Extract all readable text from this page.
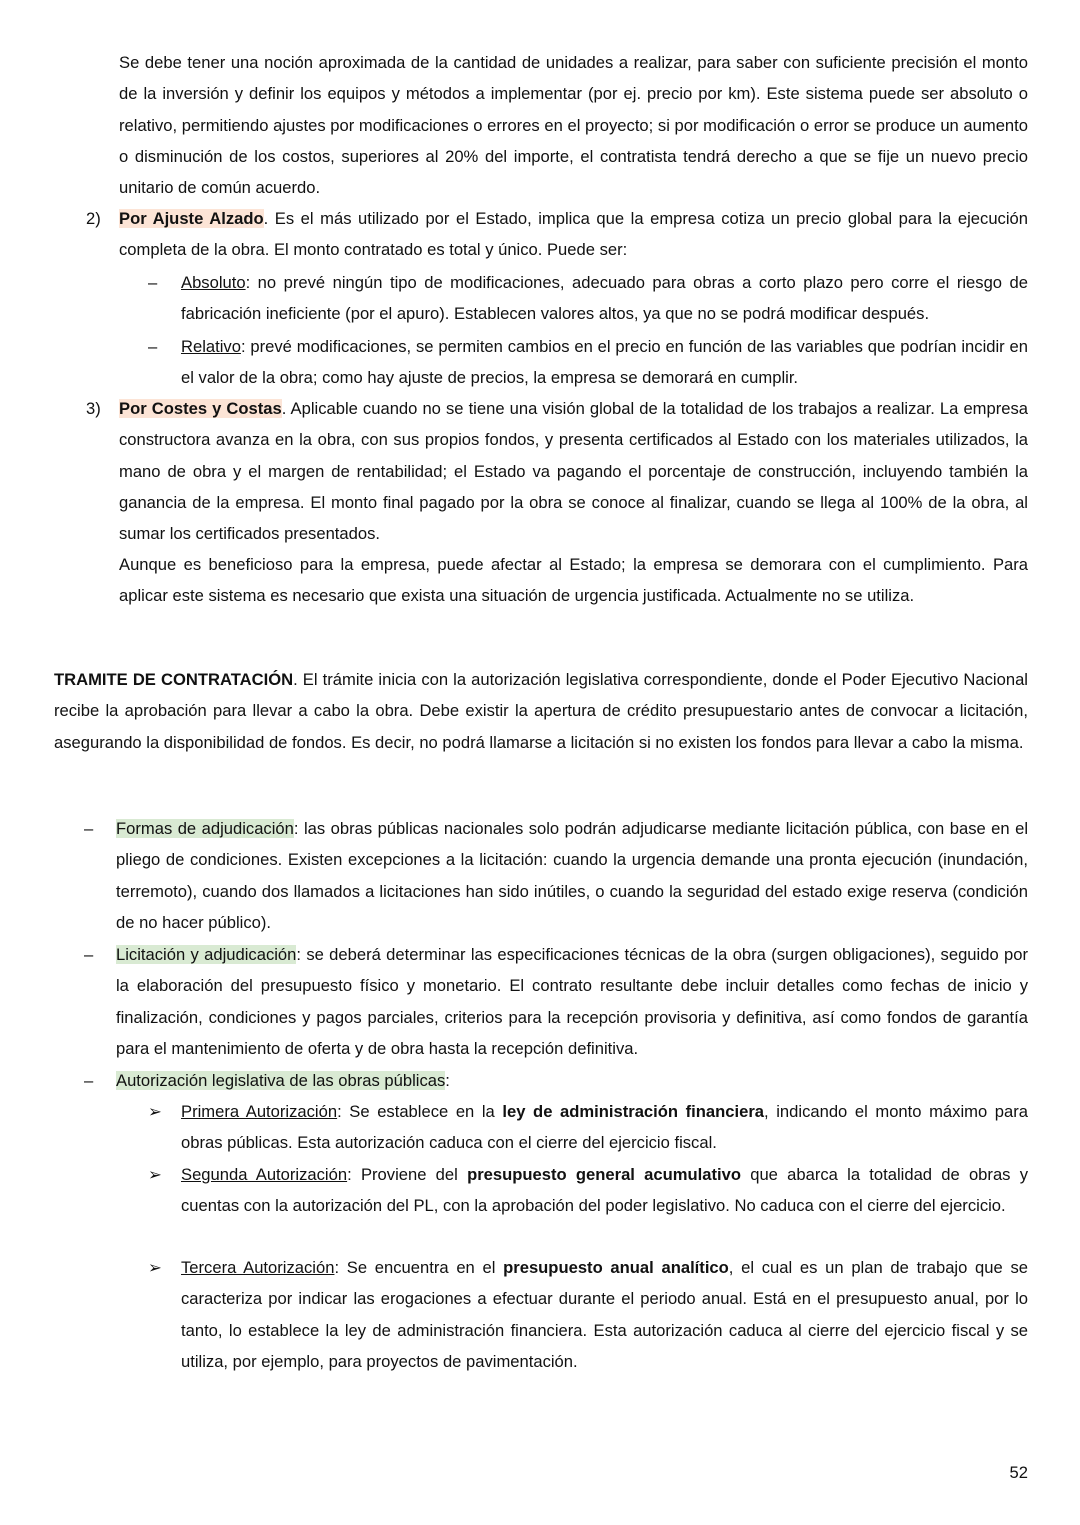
Se debe tener una noción aproximada de la cantidad de unidades a realizar, para saber con suficiente precisión el monto de la inversión y definir los equipos y métodos a implementar (por ej. precio por km). Este sistema puede ser absoluto o relativo, permitiendo ajustes por modificaciones o errores en el proyecto; si por modificación o error se produce un aumento o disminución de los costos, superiores al 20% del importe, el contratista tendrá derecho a que se fije un nuevo precio unitario de común acuerdo.
2) Por Ajuste Alzado. Es el más utilizado por el Estado, implica que la empresa cotiza un precio global para la ejecución completa de la obra. El monto contratado es total y único. Puede ser:
– Absoluto: no prevé ningún tipo de modificaciones, adecuado para obras a corto plazo pero corre el riesgo de fabricación ineficiente (por el apuro). Establecen valores altos, ya que no se podrá modificar después.
– Relativo: prevé modificaciones, se permiten cambios en el precio en función de las variables que podrían incidir en el valor de la obra; como hay ajuste de precios, la empresa se demorará en cumplir.
3) Por Costes y Costas. Aplicable cuando no se tiene una visión global de la totalidad de los trabajos a realizar. La empresa constructora avanza en la obra, con sus propios fondos, y presenta certificados al Estado con los materiales utilizados, la mano de obra y el margen de rentabilidad; el Estado va pagando el porcentaje de construcción, incluyendo también la ganancia de la empresa. El monto final pagado por la obra se conoce al finalizar, cuando se llega al 100% de la obra, al sumar los certificados presentados.
Aunque es beneficioso para la empresa, puede afectar al Estado; la empresa se demorara con el cumplimiento. Para aplicar este sistema es necesario que exista una situación de urgencia justificada. Actualmente no se utiliza.
TRAMITE DE CONTRATACIÓN. El trámite inicia con la autorización legislativa correspondiente, donde el Poder Ejecutivo Nacional recibe la aprobación para llevar a cabo la obra. Debe existir la apertura de crédito presupuestario antes de convocar a licitación, asegurando la disponibilidad de fondos. Es decir, no podrá llamarse a licitación si no existen los fondos para llevar a cabo la misma.
– Formas de adjudicación: las obras públicas nacionales solo podrán adjudicarse mediante licitación pública, con base en el pliego de condiciones. Existen excepciones a la licitación: cuando la urgencia demande una pronta ejecución (inundación, terremoto), cuando dos llamados a licitaciones han sido inútiles, o cuando la seguridad del estado exige reserva (condición de no hacer público).
– Licitación y adjudicación: se deberá determinar las especificaciones técnicas de la obra (surgen obligaciones), seguido por la elaboración del presupuesto físico y monetario. El contrato resultante debe incluir detalles como fechas de inicio y finalización, condiciones y pagos parciales, criterios para la recepción provisoria y definitiva, así como fondos de garantía para el mantenimiento de oferta y de obra hasta la recepción definitiva.
– Autorización legislativa de las obras públicas:
➢ Primera Autorización: Se establece en la ley de administración financiera, indicando el monto máximo para obras públicas. Esta autorización caduca con el cierre del ejercicio fiscal.
➢ Segunda Autorización: Proviene del presupuesto general acumulativo que abarca la totalidad de obras y cuentas con la autorización del PL, con la aprobación del poder legislativo. No caduca con el cierre del ejercicio.
➢ Tercera Autorización: Se encuentra en el presupuesto anual analítico, el cual es un plan de trabajo que se caracteriza por indicar las erogaciones a efectuar durante el periodo anual. Está en el presupuesto anual, por lo tanto, lo establece la ley de administración financiera. Esta autorización caduca al cierre del ejercicio fiscal y se utiliza, por ejemplo, para proyectos de pavimentación.
52
